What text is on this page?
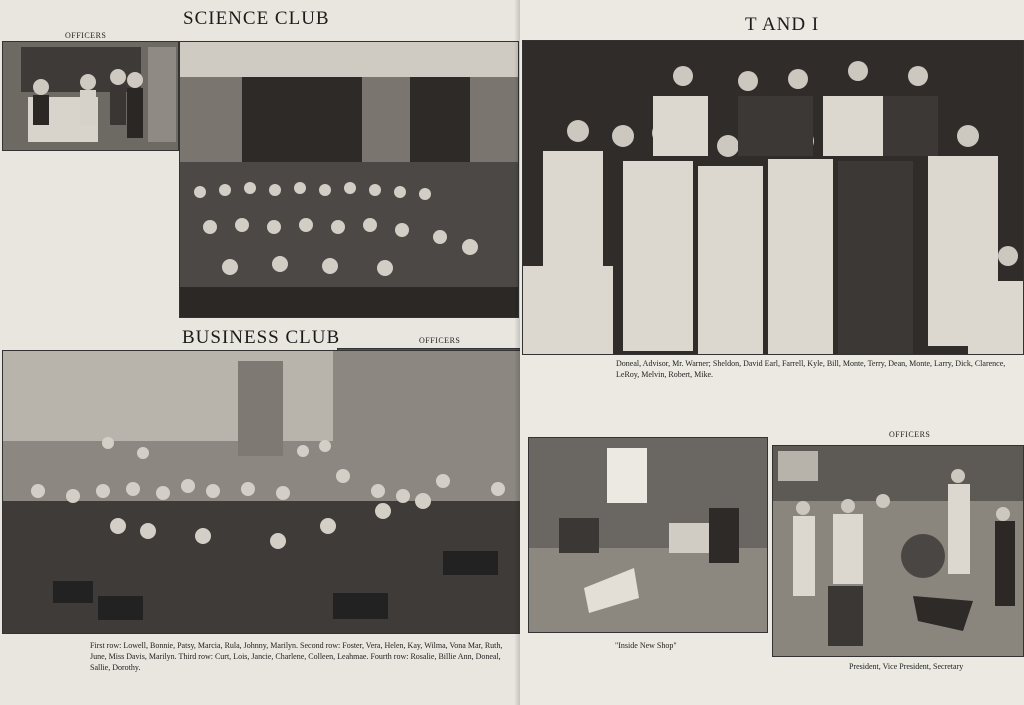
SCIENCE CLUB
OFFICERS
BUSINESS CLUB	OFFICERS
First row: Lowell, Bonnie, Patsy, Marcia, Rula, Johnny, Marilyn. Second row: Foster, Vera, Helen, Kay, Wilma, Vona Mar, Ruth, June, Miss Davis, Marilyn. Third row: Curt, Lois, Jancie, Charlene, Colleen, Leahmae. Fourth row: Rosalie, Billie Ann, Doneal, Sallie, Dorothy.
T AND I
Doneal, Advisor, Mr. Warner; Sheldon, David Earl, Farrell, Kyle, Bill, Monte, Terry, Dean, Monte, Larry, Dick, Clarence, LeRoy, Melvin, Robert, Mike.
"Inside New Shop"
OFFICERS
President, Vice President, Secretary
